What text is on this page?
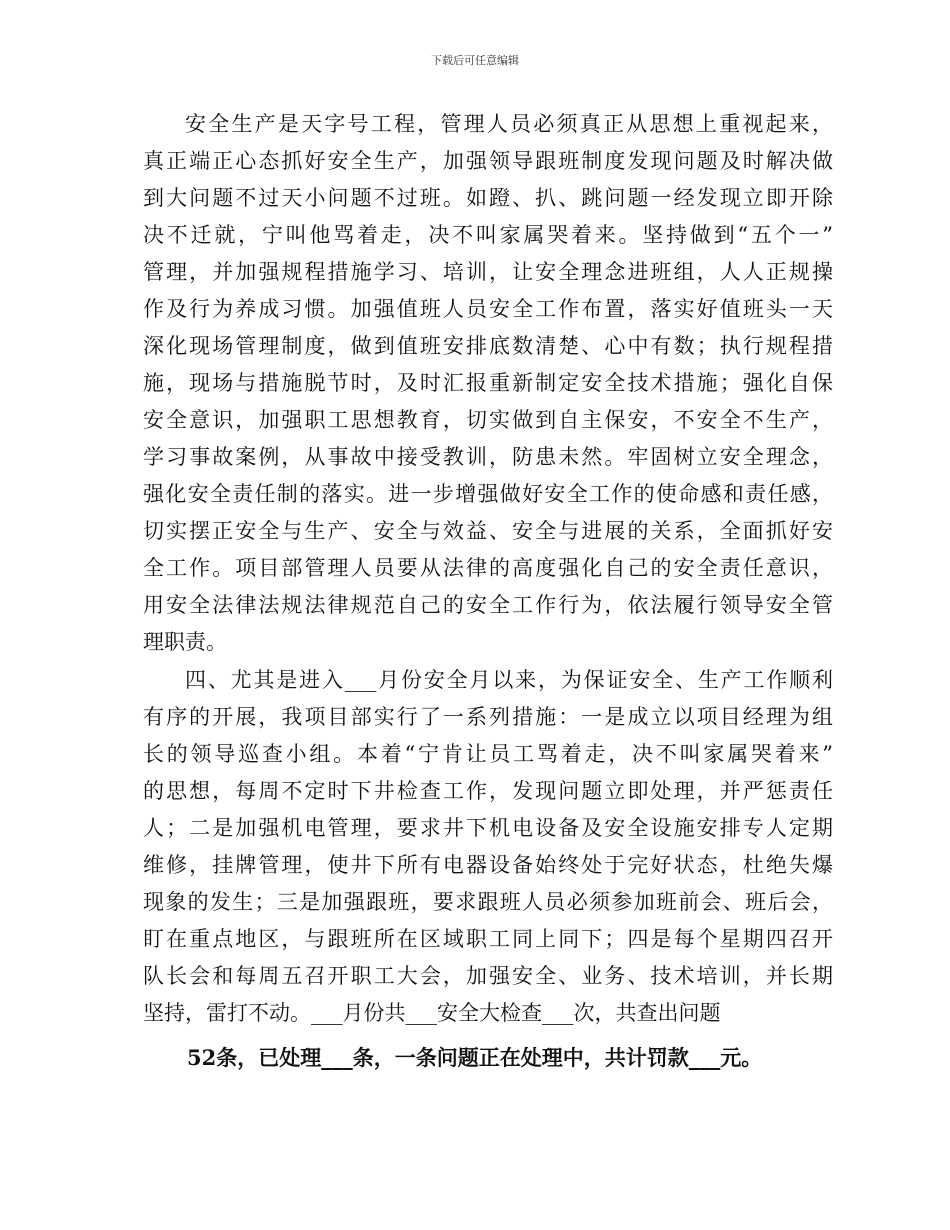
下载后可任意编辑
安全生产是天字号工程，管理人员必须真正从思想上重视起来，
真正端正心态抓好安全生产，加强领导跟班制度发现问题及时解决做
到大问题不过天小问题不过班。如蹬、扒、跳问题一经发现立即开除
决不迁就，宁叫他骂着走，决不叫家属哭着来。坚持做到“五个一”
管理，并加强规程措施学习、培训，让安全理念进班组，人人正规操
作及行为养成习惯。加强值班人员安全工作布置，落实好值班头一天
深化现场管理制度，做到值班安排底数清楚、心中有数；执行规程措
施，现场与措施脱节时，及时汇报重新制定安全技术措施；强化自保
安全意识，加强职工思想教育，切实做到自主保安，不安全不生产，
学习事故案例，从事故中接受教训，防患未然。牢固树立安全理念，
强化安全责任制的落实。进一步增强做好安全工作的使命感和责任感，
切实摆正安全与生产、安全与效益、安全与进展的关系，全面抓好安
全工作。项目部管理人员要从法律的高度强化自己的安全责任意识，
用安全法律法规法律规范自己的安全工作行为，依法履行领导安全管
理职责。
四、尤其是进入___月份安全月以来，为保证安全、生产工作顺利
有序的开展，我项目部实行了一系列措施：一是成立以项目经理为组
长的领导巡查小组。本着“宁肯让员工骂着走，决不叫家属哭着来”
的思想，每周不定时下井检查工作，发现问题立即处理，并严惩责任
人；二是加强机电管理，要求井下机电设备及安全设施安排专人定期
维修，挂牌管理，使井下所有电器设备始终处于完好状态，杜绝失爆
现象的发生；三是加强跟班，要求跟班人员必须参加班前会、班后会，
盯在重点地区，与跟班所在区域职工同上同下；四是每个星期四召开
队长会和每周五召开职工大会，加强安全、业务、技术培训，并长期
坚持，雷打不动。___月份共___安全大检查___次，共查出问题
52条，已处理___条，一条问题正在处理中，共计罚款___元。
